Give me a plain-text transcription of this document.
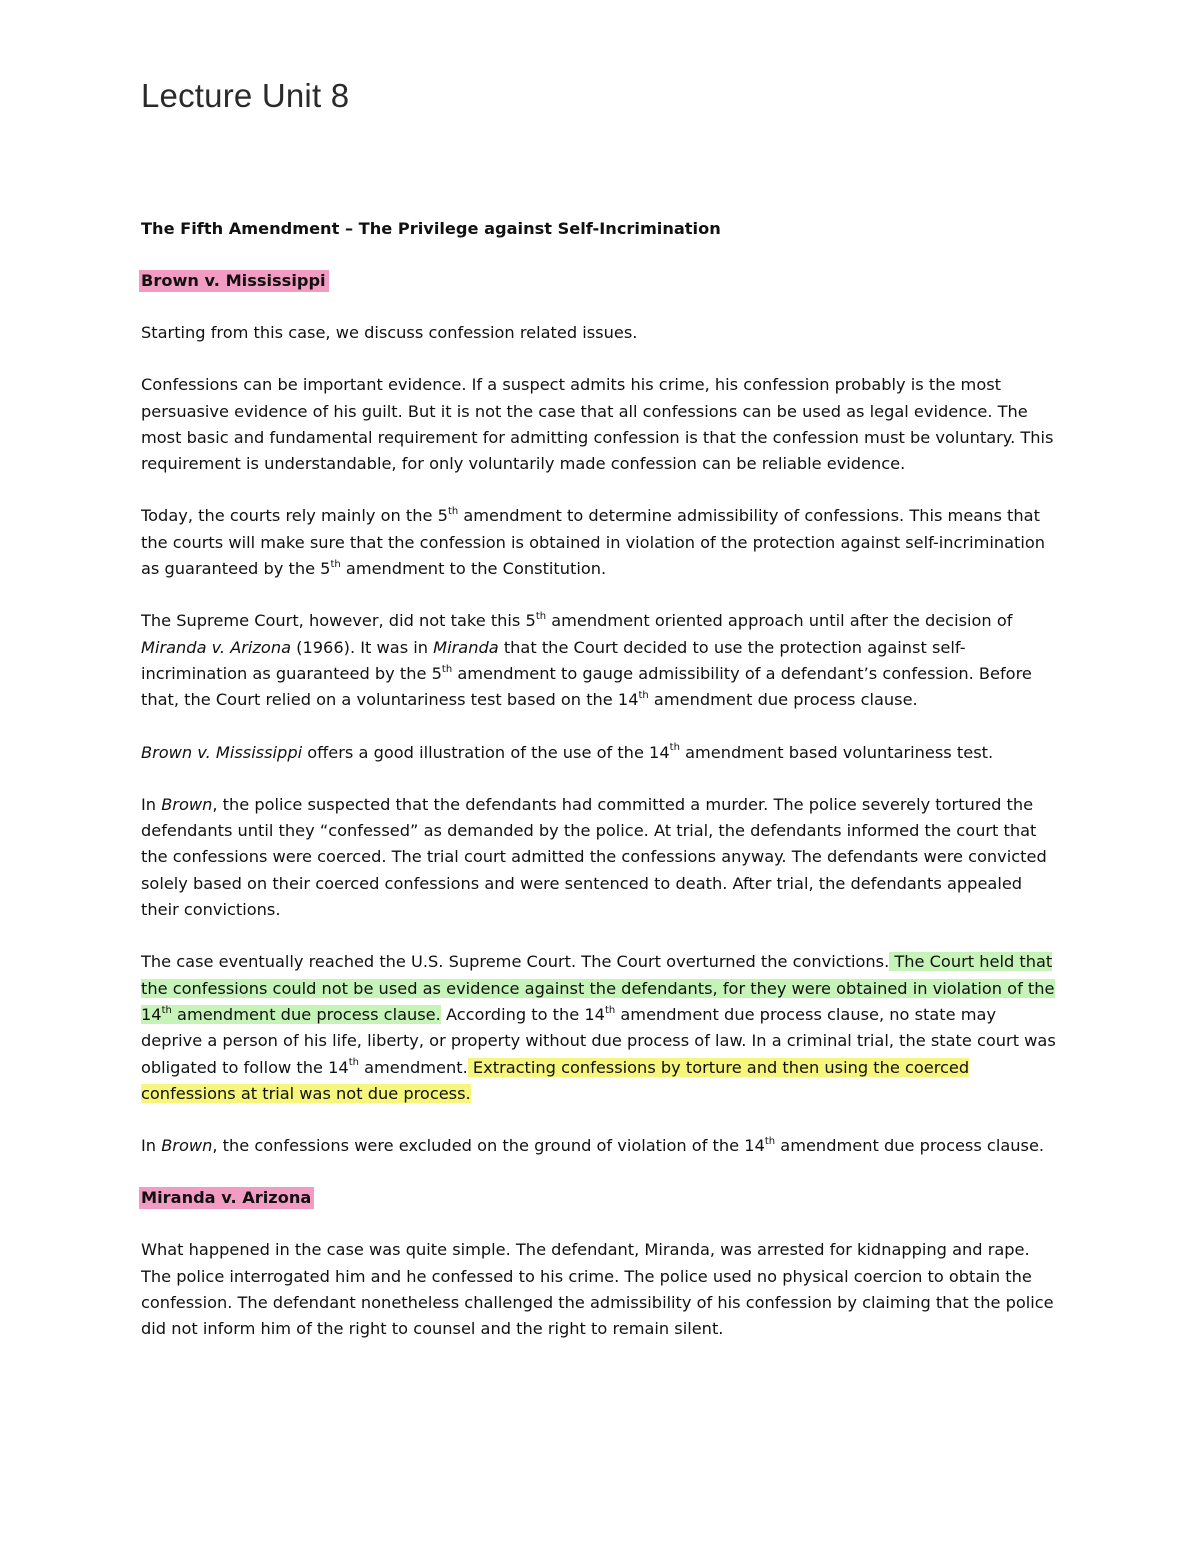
Lecture Unit 8
The Fifth Amendment – The Privilege against Self-Incrimination
Brown v. Mississippi

Starting from this case, we discuss confession related issues.

Confessions can be important evidence. If a suspect admits his crime, his confession probably is the most persuasive evidence of his guilt. But it is not the case that all confessions can be used as legal evidence. The most basic and fundamental requirement for admitting confession is that the confession must be voluntary. This requirement is understandable, for only voluntarily made confession can be reliable evidence.

Today, the courts rely mainly on the 5th amendment to determine admissibility of confessions. This means that the courts will make sure that the confession is obtained in violation of the protection against self-incrimination as guaranteed by the 5th amendment to the Constitution.

The Supreme Court, however, did not take this 5th amendment oriented approach until after the decision of Miranda v. Arizona (1966). It was in Miranda that the Court decided to use the protection against self-incrimination as guaranteed by the 5th amendment to gauge admissibility of a defendant’s confession. Before that, the Court relied on a voluntariness test based on the 14th amendment due process clause.

Brown v. Mississippi offers a good illustration of the use of the 14th amendment based voluntariness test.

In Brown, the police suspected that the defendants had committed a murder. The police severely tortured the defendants until they “confessed” as demanded by the police. At trial, the defendants informed the court that the confessions were coerced. The trial court admitted the confessions anyway. The defendants were convicted solely based on their coerced confessions and were sentenced to death. After trial, the defendants appealed their convictions.

The case eventually reached the U.S. Supreme Court. The Court overturned the convictions. The Court held that the confessions could not be used as evidence against the defendants, for they were obtained in violation of the 14th amendment due process clause. According to the 14th amendment due process clause, no state may deprive a person of his life, liberty, or property without due process of law. In a criminal trial, the state court was obligated to follow the 14th amendment. Extracting confessions by torture and then using the coerced confessions at trial was not due process.

In Brown, the confessions were excluded on the ground of violation of the 14th amendment due process clause.

Miranda v. Arizona

What happened in the case was quite simple. The defendant, Miranda, was arrested for kidnapping and rape. The police interrogated him and he confessed to his crime. The police used no physical coercion to obtain the confession. The defendant nonetheless challenged the admissibility of his confession by claiming that the police did not inform him of the right to counsel and the right to remain silent.
